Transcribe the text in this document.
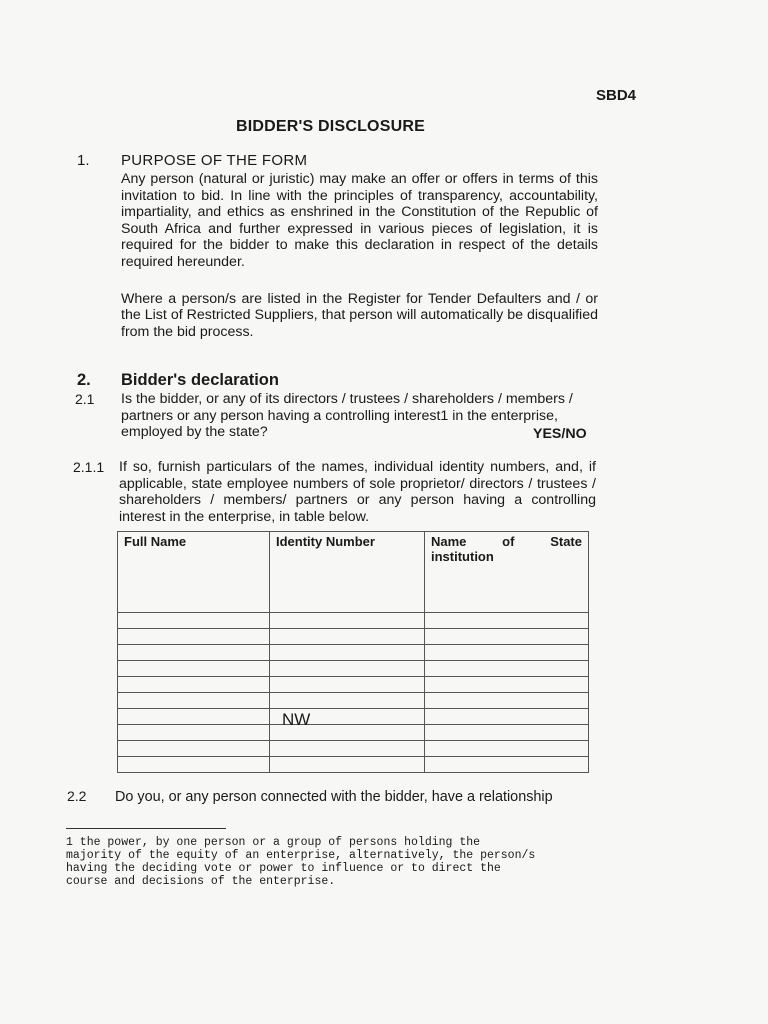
SBD4
BIDDER'S DISCLOSURE
1. PURPOSE OF THE FORM

Any person (natural or juristic) may make an offer or offers in terms of this invitation to bid. In line with the principles of transparency, accountability, impartiality, and ethics as enshrined in the Constitution of the Republic of South Africa and further expressed in various pieces of legislation, it is required for the bidder to make this declaration in respect of the details required hereunder.

Where a person/s are listed in the Register for Tender Defaulters and / or the List of Restricted Suppliers, that person will automatically be disqualified from the bid process.

2. Bidder's declaration
2.1 Is the bidder, or any of its directors / trustees / shareholders / members / partners or any person having a controlling interest1 in the enterprise, employed by the state?	YES/NO
2.1.1 If so, furnish particulars of the names, individual identity numbers, and, if applicable, state employee numbers of sole proprietor/ directors / trustees / shareholders / members/ partners or any person having a controlling interest in the enterprise, in table below.
Full Name	Identity Number	Name of State
institution

NW
2.2 Do you, or any person connected with the bidder, have a relationship
1 the power, by one person or a group of persons holding the
majority of the equity of an enterprise, alternatively, the person/s
having the deciding vote or power to influence or to direct the
course and decisions of the enterprise.
